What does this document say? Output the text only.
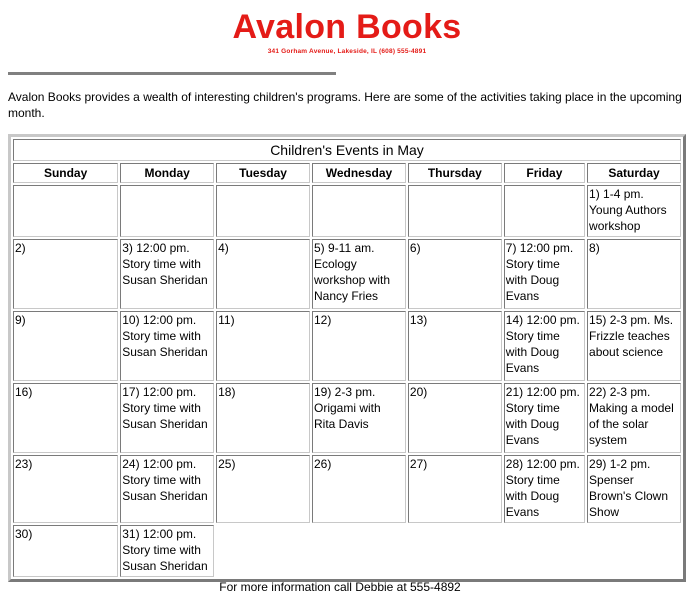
Avalon Books
341 Gorham Avenue, Lakeside, IL (608) 555-4891
Avalon Books provides a wealth of interesting children's programs. Here are some of the activities taking place in the upcoming month.
Children's Events in May						
Sunday	Monday	Tuesday	Wednesday	Thursday	Friday	Saturday
						1) 1-4 pm. Young Authors workshop
2)	3) 12:00 pm. Story time with Susan Sheridan	4)	5) 9-11 am. Ecology workshop with Nancy Fries	6)	7) 12:00 pm. Story time with Doug Evans	8)
9)	10) 12:00 pm. Story time with Susan Sheridan	11)	12)	13)	14) 12:00 pm. Story time with Doug Evans	15) 2-3 pm. Ms. Frizzle teaches about science
16)	17) 12:00 pm. Story time with Susan Sheridan	18)	19) 2-3 pm. Origami with Rita Davis	20)	21) 12:00 pm. Story time with Doug Evans	22) 2-3 pm. Making a model of the solar system
23)	24) 12:00 pm. Story time with Susan Sheridan	25)	26)	27)	28) 12:00 pm. Story time with Doug Evans	29) 1-2 pm. Spenser Brown's Clown Show
30)	31) 12:00 pm. Story time with Susan Sheridan					
For more information call Debbie at 555-4892
